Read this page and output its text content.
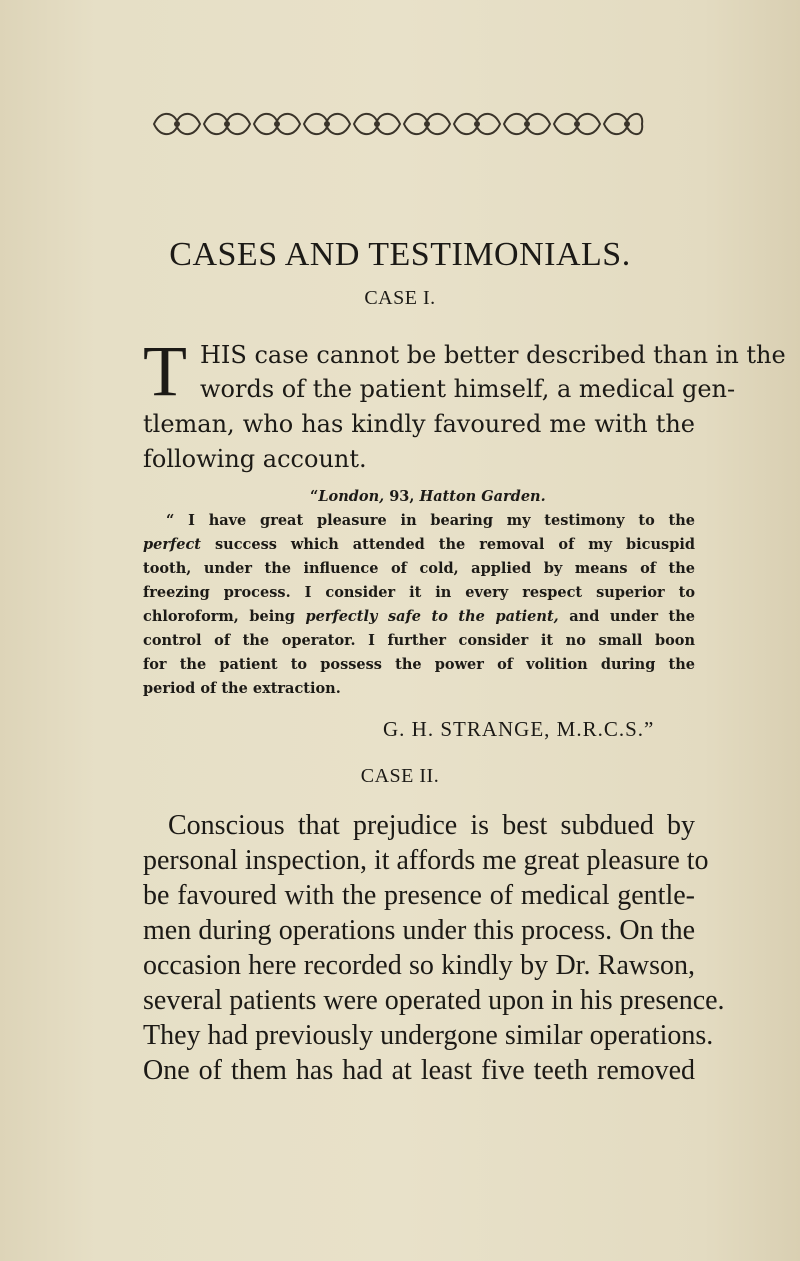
CASES AND TESTIMONIALS.
CASE I.
T HIS case cannot be better described than in the
words of the patient himself, a medical gen-
tleman, who has kindly favoured me with the
following account.
“London, 93, Hatton Garden.
“ I have great pleasure in bearing my testimony to the
perfect success which attended the removal of my bicuspid
tooth, under the influence of cold, applied by means of the
freezing process. I consider it in every respect superior to
chloroform, being perfectly safe to the patient, and under the
control of the operator. I further consider it no small boon
for the patient to possess the power of volition during the
period of the extraction.
G. H. STRANGE, M.R.C.S.”
CASE II.
Conscious that prejudice is best subdued by
personal inspection, it affords me great pleasure to
be favoured with the presence of medical gentle-
men during operations under this process. On the
occasion here recorded so kindly by Dr. Rawson,
several patients were operated upon in his presence.
They had previously undergone similar operations.
One of them has had at least five teeth removed
